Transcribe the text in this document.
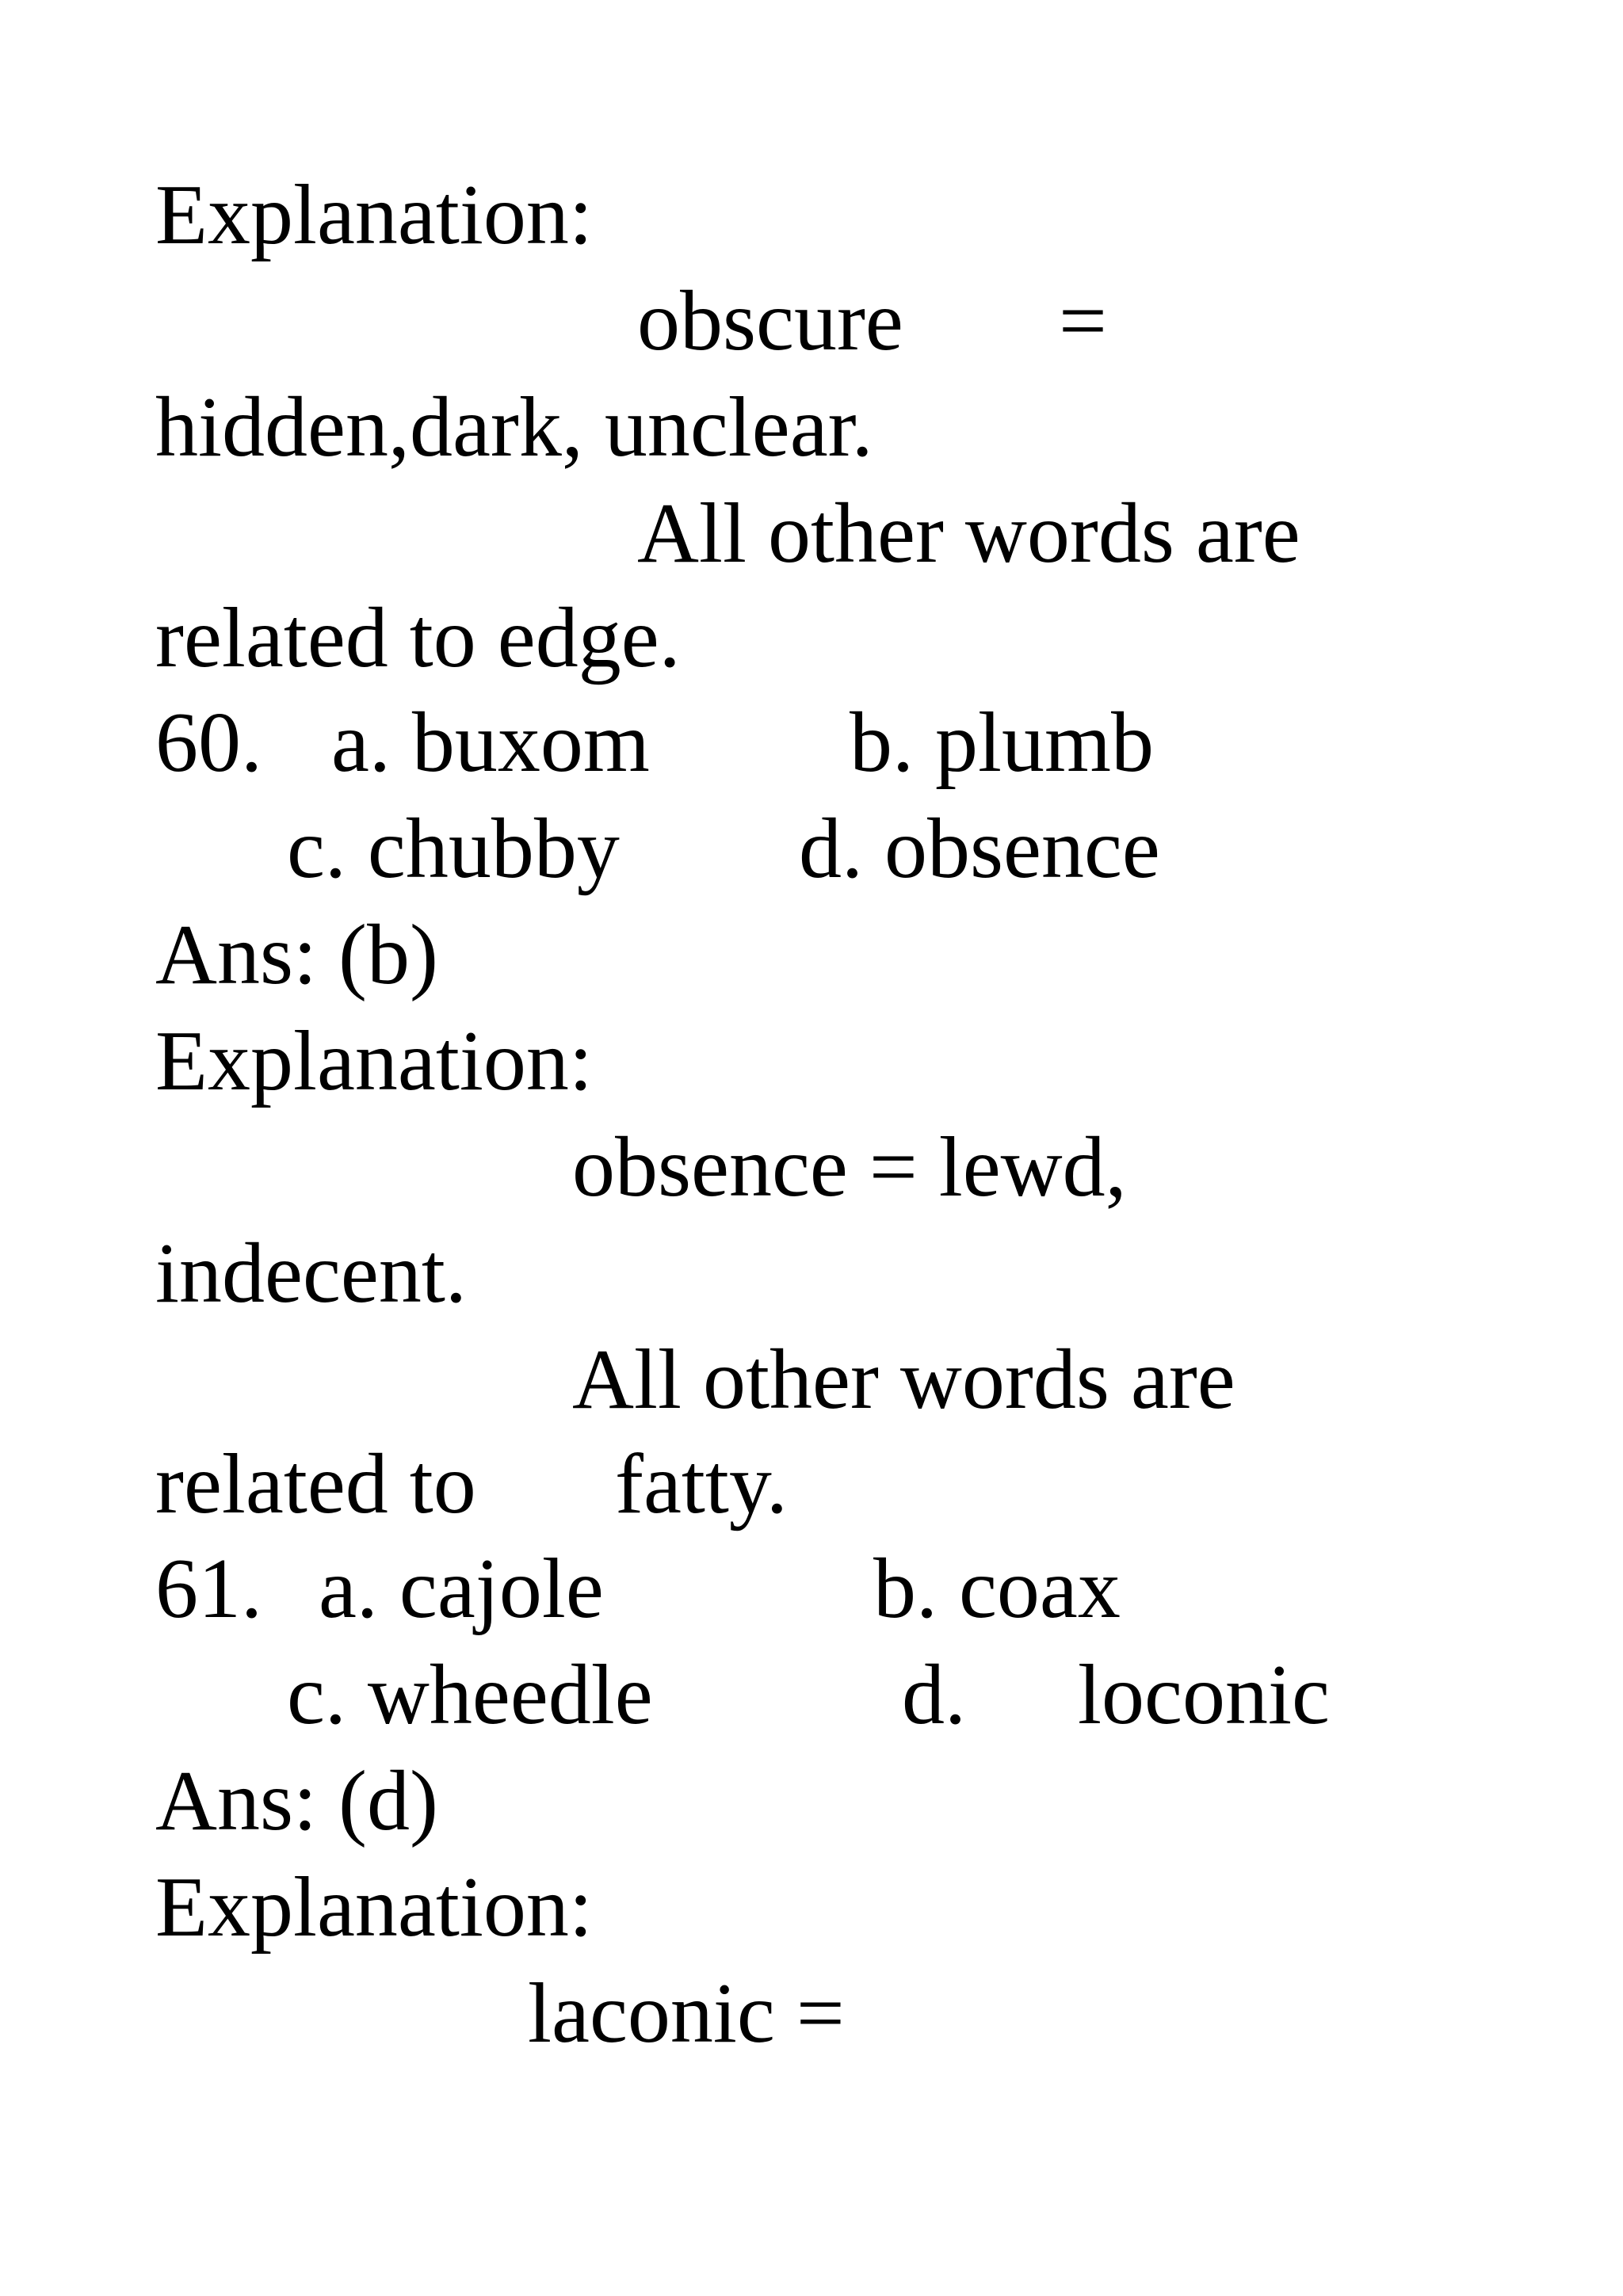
Explanation:
obscure =
hidden,dark, unclear.
All other words are
related to edge.
60. a. buxom b. plumb
c. chubby d. obsence
Ans: (b)
Explanation:
obsence = lewd,
indecent.
All other words are
related to fatty.
61. a. cajole	b. coax
c. wheedle	d. loconic
Ans: (d)
Explanation:
laconic =
